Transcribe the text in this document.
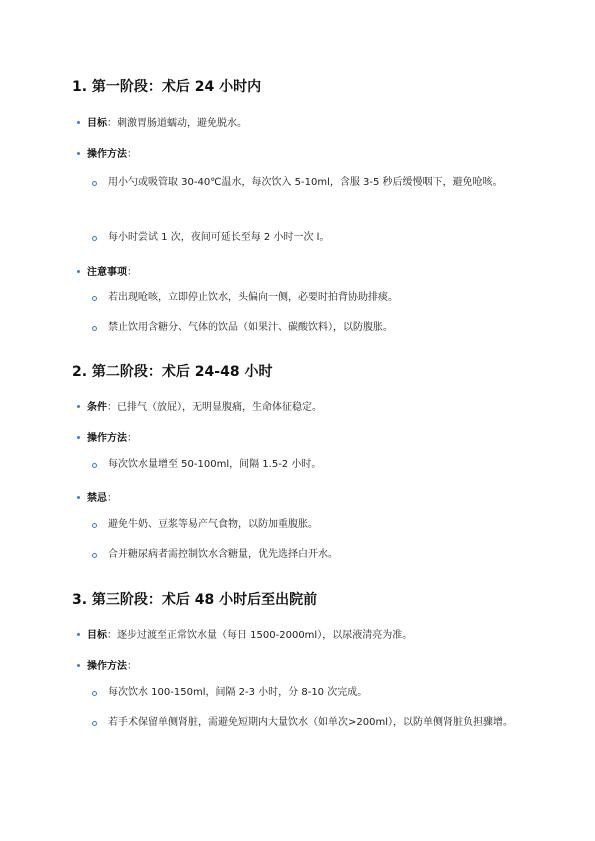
1. 第一阶段：术后 24 小时内
目标：刺激胃肠道蠕动，避免脱水。
操作方法：
用小勺或吸管取 30-40℃温水，每次饮入 5-10ml，含服 3-5 秒后缓慢咽下，避免呛咳。
每小时尝试 1 次，夜间可延长至每 2 小时一次 l。
注意事项：
若出现呛咳，立即停止饮水，头偏向一侧，必要时拍背协助排痰。
禁止饮用含糖分、气体的饮品（如果汁、碳酸饮料），以防腹胀。
2. 第二阶段：术后 24-48 小时
条件：已排气（放屁），无明显腹痛，生命体征稳定。
操作方法：
每次饮水量增至 50-100ml，间隔 1.5-2 小时。
禁忌：
避免牛奶、豆浆等易产气食物，以防加重腹胀。
合并糖尿病者需控制饮水含糖量，优先选择白开水。
3. 第三阶段：术后 48 小时后至出院前
目标：逐步过渡至正常饮水量（每日 1500-2000ml），以尿液清亮为准。
操作方法：
每次饮水 100-150ml，间隔 2-3 小时，分 8-10 次完成。
若手术保留单侧肾脏，需避免短期内大量饮水（如单次>200ml），以防单侧肾脏负担骤增。
